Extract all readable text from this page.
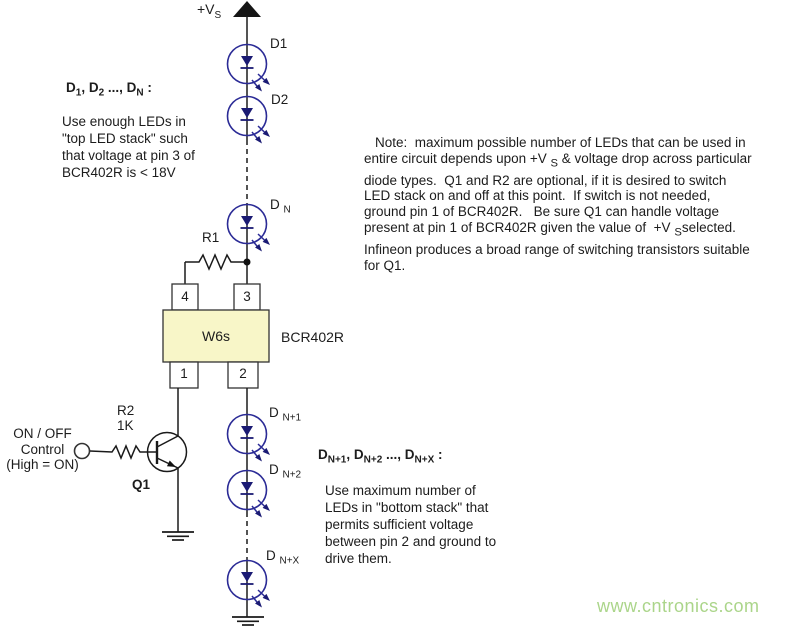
$+V_S$
D1
D2
D $_N$
R1
4	3
1	2
W6s	BCR402R
D $_{N+1}$
D $_{N+2}$
D $_{N+X}$
ON / OFF
Control
(High = ON)
R2
1K
Q1
$D_1$, $D_2$ ..., $D_N$ :
Use enough LEDs in
"top LED stack" such
that voltage at pin 3 of
BCR402R is < 18V
Note:  maximum possible number of LEDs that can be used in
entire circuit depends upon +V $_S$ & voltage drop across particular
diode types.  Q1 and R2 are optional, if it is desired to switch
LED stack on and off at this point.  If switch is not needed,
ground pin 1 of BCR402R.   Be sure Q1 can handle voltage
present at pin 1 of BCR402R given the value of  +V $_S$selected.
Infineon produces a broad range of switching transistors suitable
for Q1.
$D_{N+1}$, $D_{N+2}$ ..., $D_{N+X}$ :
Use maximum number of
LEDs in "bottom stack" that
permits sufficient voltage
between pin 2 and ground to
drive them.
www.cntronics.com
